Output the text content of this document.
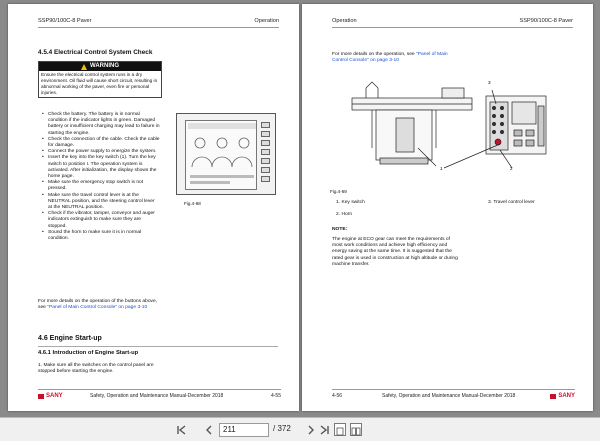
SSP90/100C-8 Paver	Operation
4.5.4 Electrical Control System Check
WARNING
Ensure the electrical control system runs in a dry environment. Oil fluid will cause short circuit, resulting in abnormal working of the paver, even fire or personal injuries.
• Check the battery. The battery is in normal condition if the indicator lights in green. Damaged battery or insufficient charging may lead to failure in starting the engine.
• Check the connection of the cable. Check the cable for damage.
• Connect the power supply to energize the system.
• Insert the key into the key switch (1). Turn the key switch to position I. The operation system is activated. After initialization, the display shows the home page.
• Make sure the emergency stop switch is not pressed.
• Make sure the travel control lever is at the NEUTRAL position, and the steering control lever at the NEUTRAL position.
• Check if the vibrator, tamper, conveyor and auger indicators extinguish to make sure they are stopped.
• Sound the horn to make sure it is in normal condition.
For more details on the operation of the buttons above, see "Panel of Main Control Console" on page 3-10
Fig.4-68
4.6 Engine Start-up
4.6.1 Introduction of Engine Start-up
1. Make sure all the switches on the control panel are stopped before starting the engine.
SANY	Safety, Operation and Maintenance Manual-December 2018	4-55
Operation	SSP90/100C-8 Paver
For more details on the operation, see "Panel of Main Control Console" on page 3-10
3
2
1
Fig.4-69
1. Key switch
2. Horn
3. Travel control lever
NOTE：
The engine at ECO gear can meet the requirements of most work conditions and achieve high efficiency and energy saving at the same time. It is suggested that the rated gear is used in construction at high altitude or during machine transfer.
4-56	Safety, Operation and Maintenance Manual-December 2018	SANY
211	/ 372
